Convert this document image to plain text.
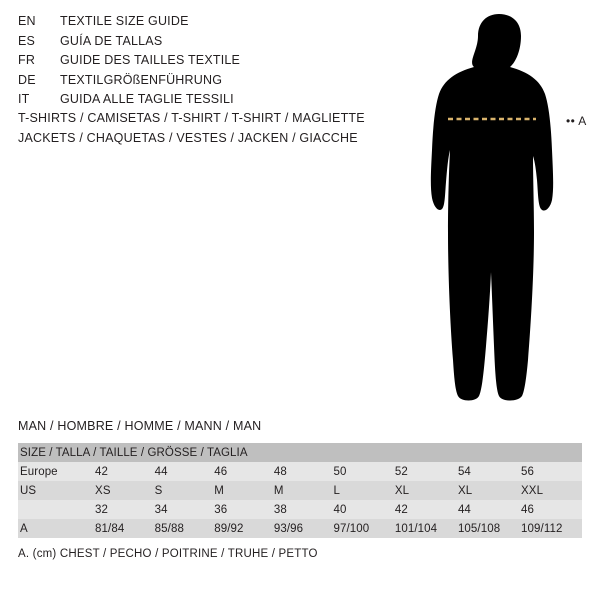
EN	TEXTILE SIZE GUIDE
ES	GUÍA DE TALLAS
FR	GUIDE DES TAILLES TEXTILE
DE	TEXTILGRÖßENFÜHRUNG
IT	GUIDA ALLE TAGLIE TESSILI
T-SHIRTS / CAMISETAS / T-SHIRT / T-SHIRT / MAGLIETTE
JACKETS / CHAQUETAS / VESTES / JACKEN / GIACCHE
•• A
MAN / HOMBRE / HOMME / MANN / MAN
SIZE / TALLA / TAILLE / GRÖSSE / TAGLIA								
Europe	42	44	46	48	50	52	54	56
US	XS	S	M	M	L	XL	XL	XXL
	32	34	36	38	40	42	44	46
A	81/84	85/88	89/92	93/96	97/100	101/104	105/108	109/112
A. (cm) CHEST / PECHO / POITRINE / TRUHE / PETTO
